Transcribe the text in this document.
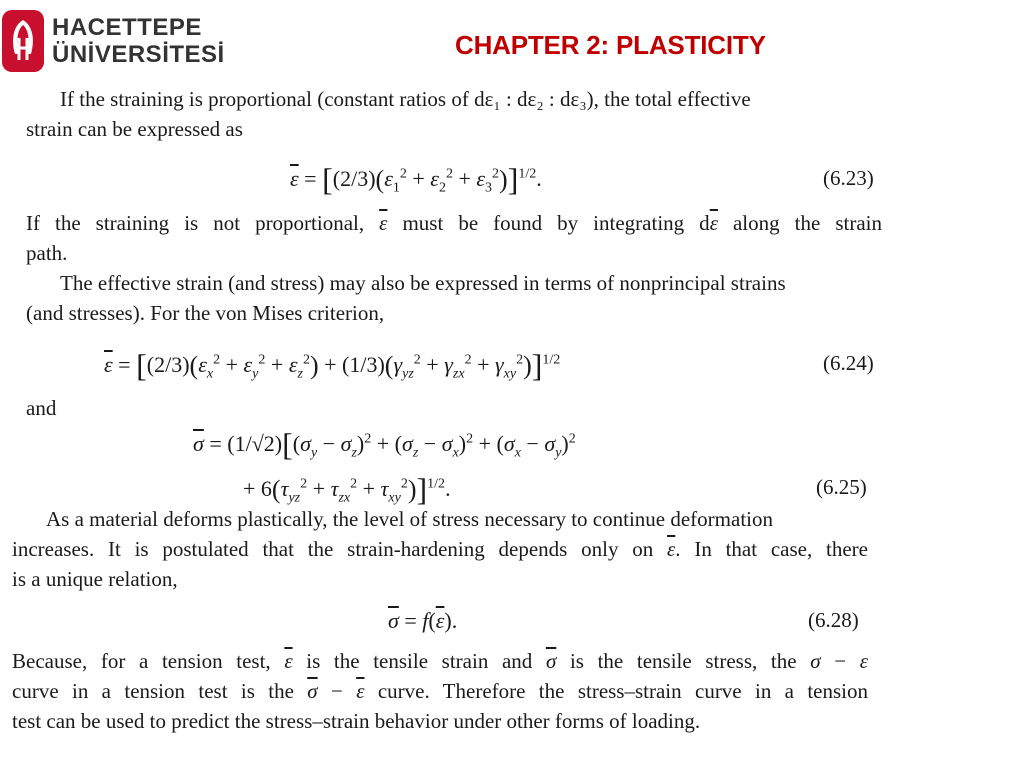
HACETTEPE
ÜNİVERSİTESİ	CHAPTER 2: PLASTICITY
If the straining is proportional (constant ratios of dε₁ : dε₂ : dε₃), the total effective
strain can be expressed as
$\overline{\varepsilon} = [(2/3)(\varepsilon_1^2 + \varepsilon_2^2 + \varepsilon_3^2)]^{1/2}$.	(6.23)
If the straining is not proportional, $\overline{\varepsilon}$ must be found by integrating $d\overline{\varepsilon}$ along the strain
path.
The effective strain (and stress) may also be expressed in terms of nonprincipal strains
(and stresses). For the von Mises criterion,
$\overline{\varepsilon} = [(2/3)(\varepsilon_x^2 + \varepsilon_y^2 + \varepsilon_z^2) + (1/3)(\gamma_{yz}^2 + \gamma_{zx}^2 + \gamma_{xy}^2)]^{1/2}$	(6.24)
and
$\overline{\sigma} = (1/√2)[(\sigma_y - \sigma_z)^2 + (\sigma_z - \sigma_x)^2 + (\sigma_x - \sigma_y)^2$
+ $6(\tau_{yz}^2 + \tau_{zx}^2 + \tau_{xy}^2)]^{1/2}$.	(6.25)
As a material deforms plastically, the level of stress necessary to continue deformation
increases. It is postulated that the strain-hardening depends only on $\overline{\varepsilon}$. In that case, there
is a unique relation,
$\overline{\sigma} = f(\overline{\varepsilon})$.	(6.28)
Because, for a tension test, $\overline{\varepsilon}$ is the tensile strain and $\overline{\sigma}$ is the tensile stress, the σ − ε
curve in a tension test is the $\overline{\sigma} - \overline{\varepsilon}$ curve. Therefore the stress–strain curve in a tension
test can be used to predict the stress–strain behavior under other forms of loading.
